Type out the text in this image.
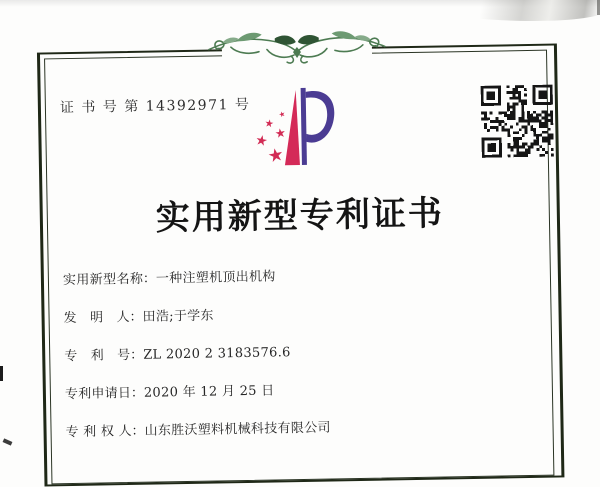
证 书 号 第 14392971 号
实用新型专利证书
实用新型名称：一种注塑机顶出机构
发明人：田浩;于学东
专利号：ZL 2020 2 3183576.6
专利申请日：2020 年 12 月 25 日
专利权人：山东胜沃塑料机械科技有限公司
